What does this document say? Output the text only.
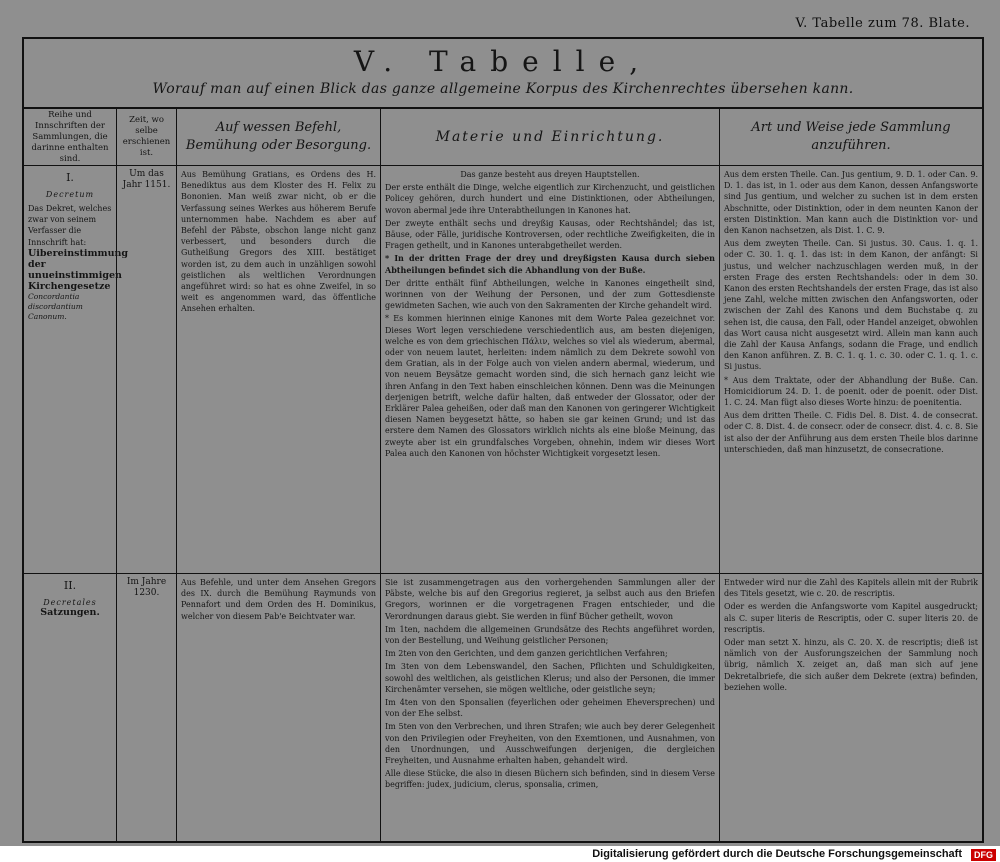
V. Tabelle zum 78. Blate.
V. Tabelle,
Worauf man auf einen Blick das ganze allgemeine Korpus des Kirchenrechtes übersehen kann.
Reihe und Innschriften der Sammlungen, die darinne enthalten sind.
Zeit, wo selbe erschienen ist.
Auf wessen Befehl, Bemühung oder Besorgung.
Materie und Einrichtung.
Art und Weise jede Sammlung anzuführen.
I.
Decretum
Das Dekret, welches zwar von seinem Verfasser die Innschrift hat:
Uibereinstimmung der unueinstimmigen Kirchengesetze
Concordantia discordantium Canonum.
Um das Jahr 1151.
Aus Bemühung Gratians, es Ordens des H. Benediktus aus dem Kloster des H. Felix zu Bononien. Man weiß zwar nicht, ob er die Verfassung seines Werkes aus höherem Berufe unternommen habe. Nachdem es aber auf Befehl der Päbste, obschon lange nicht ganz verbessert, und besonders durch die Gutheißung Gregors des XIII. bestätiget worden ist, zu dem auch in unzähligen sowohl geistlichen als weltlichen Verordnungen angeführet wird: so hat es ohne Zweifel, in so weit es angenommen ward, das öffentliche Ansehen erhalten.

Das ganze besteht aus dreyen Hauptstellen.

Der erste enthält die Dinge, welche eigentlich zur Kirchenzucht, und geistlichen Policey gehören, durch hundert und eine Distinktionen, oder Abtheilungen, wovon abermal jede ihre Unterabtheilungen in Kanones hat.

Der zweyte enthält sechs und dreyßig Kausas, oder Rechtshändel; das ist, Bäuse, oder Fälle, juridische Kontroversen, oder rechtliche Zweifigkeiten, die in Fragen getheilt, und in Kanones unterabgetheilet werden.

* In der dritten Frage der drey und dreyßigsten Kausa durch sieben Abtheilungen befindet sich die Abhandlung von der Buße.

Der dritte enthält fünf Abtheilungen, welche in Kanones eingetheilt sind, worinnen von der Weihung der Personen, und der zum Gottesdienste gewidmeten Sachen, wie auch von den Sakramenten der Kirche gehandelt wird.

* Es kommen hierinnen einige Kanones mit dem Worte Palea gezeichnet vor. Dieses Wort legen verschiedene verschiedentlich aus, am besten diejenigen, welche es von dem griechischen Πάλιν, welches so viel als wiederum, abermal, oder von neuem lautet, herleiten: indem nämlich zu dem Dekrete sowohl von dem Gratian, als in der Folge auch von vielen andern abermal, wiederum, und von neuem Beysätze gemacht worden sind, die sich hernach ganz leicht wie ihren Anfang in den Text haben einschleichen können. Denn was die Meinungen derjenigen betrift, welche dafür halten, daß entweder der Glossator, oder der Erklärer Palea geheißen, oder daß man den Kanonen von geringerer Wichtigkeit diesen Namen beygesetzt hätte, so haben sie gar keinen Grund; und ist das erstere dem Namen des Glossators wirklich nichts als eine bloße Meinung, das zweyte aber ist ein grundfalsches Vorgeben, ohnehin, indem wir dieses Wort Palea auch den Kanonen von höchster Wichtigkeit vorgesetzt lesen.

Aus dem ersten Theile. Can. Jus gentium, 9. D. 1. oder Can. 9. D. 1. das ist, in 1. oder aus dem Kanon, dessen Anfangsworte sind Jus gentium, und welcher zu suchen ist in dem ersten Abschnitte, oder Distinktion, oder in dem neunten Kanon der ersten Distinktion. Man kann auch die Distinktion vor- und den Kanon nachsetzen, als Dist. 1. C. 9.

Aus dem zweyten Theile. Can. Si justus. 30. Caus. 1. q. 1. oder C. 30. 1. q. 1. das ist: in dem Kanon, der anfängt: Si justus, und welcher nachzuschlagen werden muß, in der ersten Frage des ersten Rechtshandels: oder in dem 30. Kanon des ersten Rechtshandels der ersten Frage, das ist also jene Zahl, welche mitten zwischen den Anfangsworten, oder zwischen der Zahl des Kanons und dem Buchstabe q. zu sehen ist, die causa, den Fall, oder Handel anzeiget, obwohlen das Wort causa nicht ausgesetzt wird. Allein man kann auch die Zahl der Kausa Anfangs, sodann die Frage, und endlich den Kanon anführen. Z. B. C. 1. q. 1. c. 30. oder C. 1. q. 1. c. Si justus.

* Aus dem Traktate, oder der Abhandlung der Buße. Can. Homicidiorum 24. D. 1. de poenit. oder de poenit. oder Dist. 1. C. 24. Man fügt also dieses Worte hinzu: de poenitentia.

Aus dem dritten Theile. C. Fidis Del. 8. Dist. 4. de consecrat. oder C. 8. Dist. 4. de consecr. oder de consecr. dist. 4. c. 8. Sie ist also der der Anführung aus dem ersten Theile blos darinne unterschieden, daß man hinzusetzt, de consecratione.

II.
Decretales
Satzungen.
Im Jahre 1230.
Aus Befehle, und unter dem Ansehen Gregors des IX. durch die Bemühung Raymunds von Pennafort und dem Orden des H. Dominikus, welcher von diesem Pab'e Beichtvater war.

Sie ist zusammengetragen aus den vorhergehenden Sammlungen aller der Päbste, welche bis auf den Gregorius regieret, ja selbst auch aus den Briefen Gregors, worinnen er die vorgetragenen Fragen entschieder, und die Verordnungen daraus giebt. Sie werden in fünf Bücher getheilt, wovon

Im 1ten, nachdem die allgemeinen Grundsätze des Rechts angeführet worden, von der Bestellung, und Weihung geistlicher Personen;

Im 2ten von den Gerichten, und dem ganzen gerichtlichen Verfahren;

Im 3ten von dem Lebenswandel, den Sachen, Pflichten und Schuldigkeiten, sowohl des weltlichen, als geistlichen Klerus; und also der Personen, die immer Kirchenämter versehen, sie mögen weltliche, oder geistliche seyn;

Im 4ten von den Sponsalien (feyerlichen oder geheimen Eheversprechen) und von der Ehe selbst.

Im 5ten von den Verbrechen, und ihren Strafen; wie auch bey derer Gelegenheit von den Privilegien oder Freyheiten, von den Exemtionen, und Ausnahmen, von den Unordnungen, und Ausschweifungen derjenigen, die dergleichen Freyheiten, und Ausnahme erhalten haben, gehandelt wird.

Alle diese Stücke, die also in diesen Büchern sich befinden, sind in diesem Verse begriffen: judex, judicium, clerus, sponsalia, crimen,

Entweder wird nur die Zahl des Kapitels allein mit der Rubrik des Titels gesetzt, wie c. 20. de rescriptis.

Oder es werden die Anfangsworte vom Kapitel ausgedruckt; als C. super literis de Rescriptis, oder C. super literis 20. de rescriptis.

Oder man setzt X. hinzu, als C. 20. X. de rescriptis; dieß ist nämlich von der Ausforungszeichen der Sammlung noch übrig, nämlich X. zeiget an, daß man sich auf jene Dekretalbriefe, die sich außer dem Dekrete (extra) befinden, beziehen wolle.

Digitalisierung gefördert durch die Deutsche Forschungsgemeinschaft	DFG
